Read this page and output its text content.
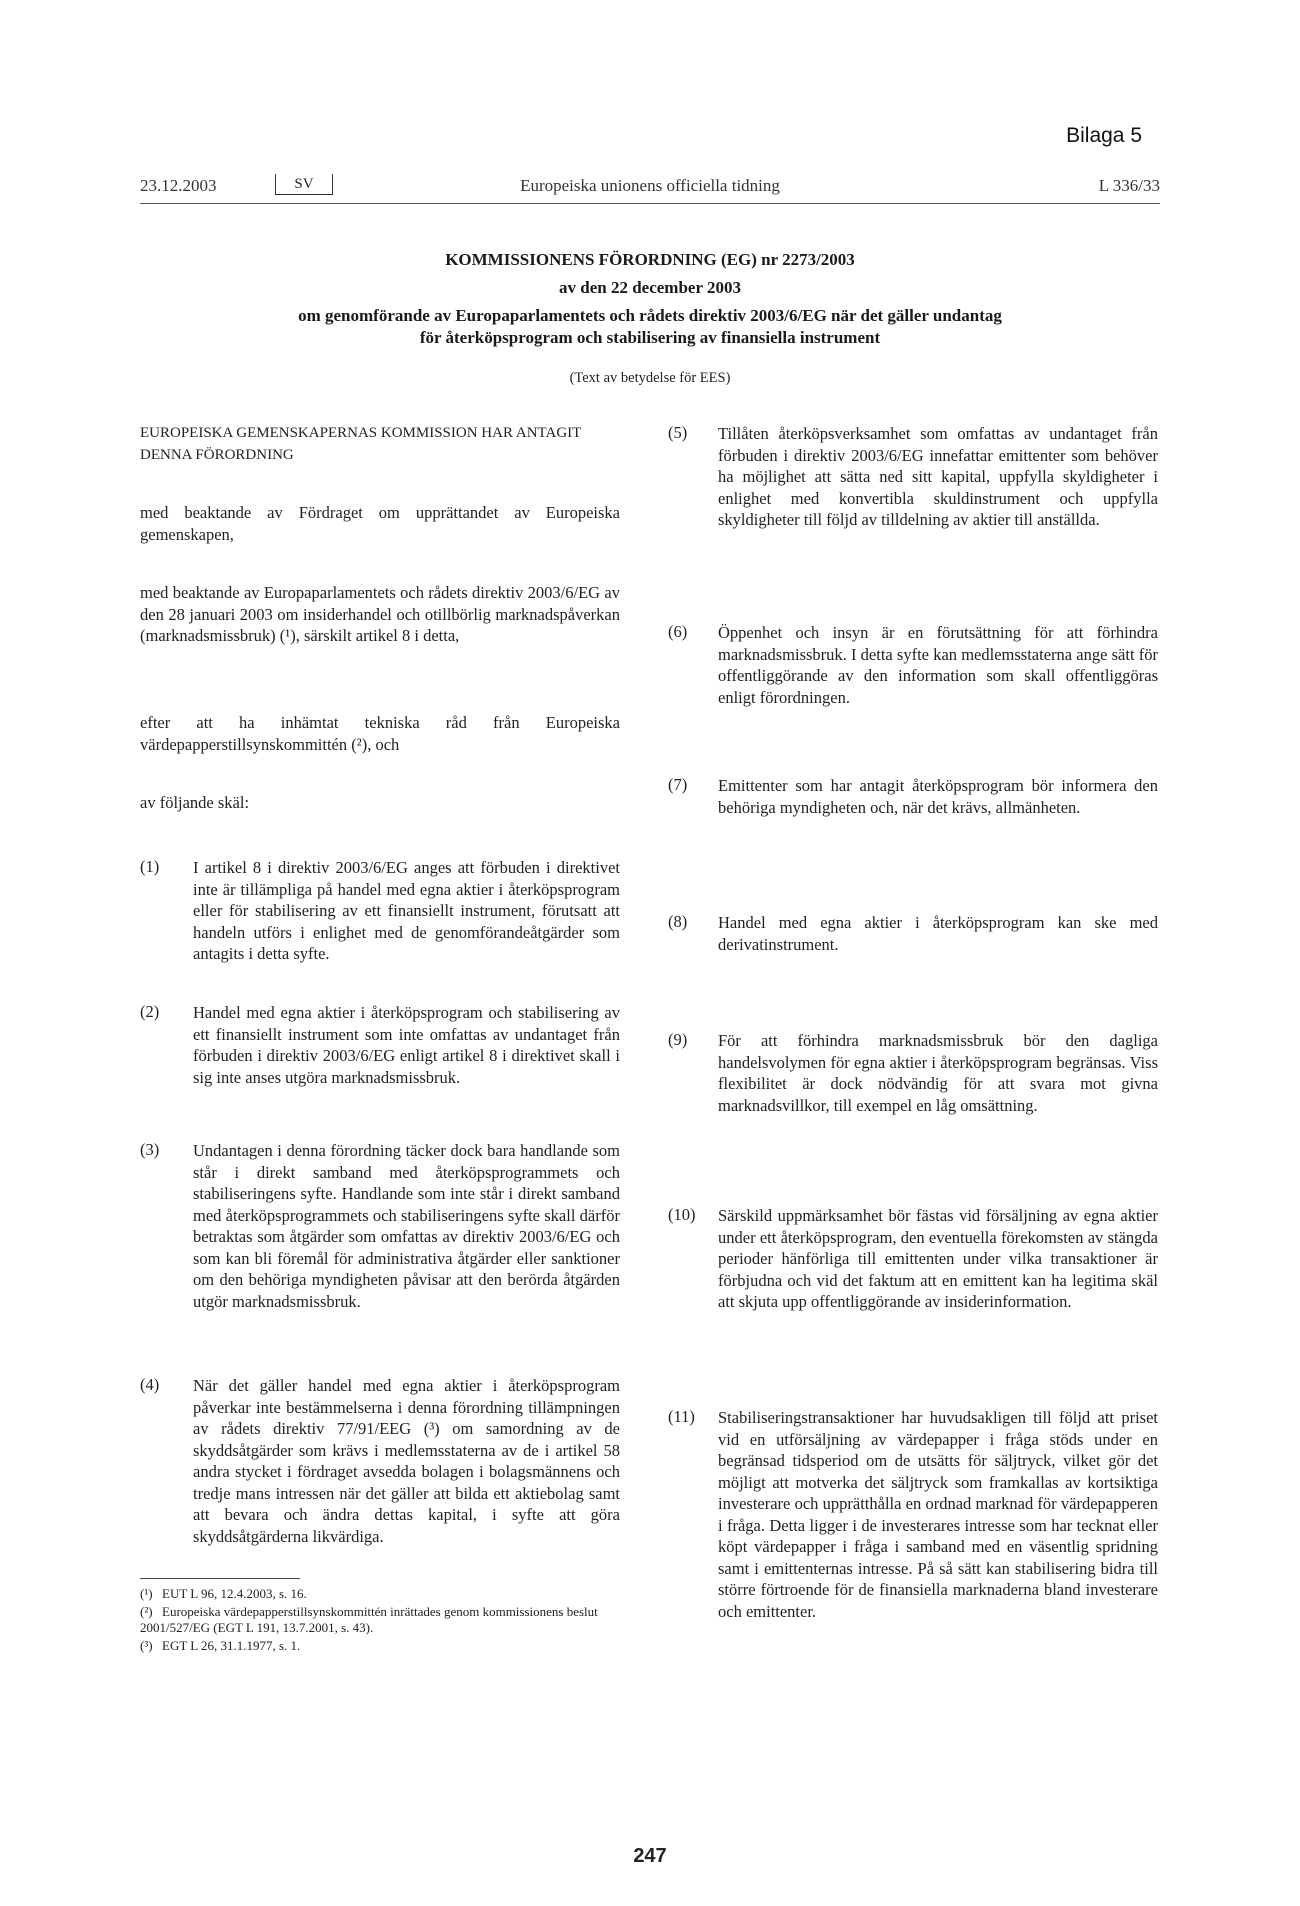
Bilaga 5
23.12.2003	SV	Europeiska unionens officiella tidning	L 336/33
KOMMISSIONENS FÖRORDNING (EG) nr 2273/2003
av den 22 december 2003
om genomförande av Europaparlamentets och rådets direktiv 2003/6/EG när det gäller undantag
för återköpsprogram och stabilisering av finansiella instrument
(Text av betydelse för EES)
EUROPEISKA GEMENSKAPERNAS KOMMISSION HAR ANTAGIT DENNA FÖRORDNING
med beaktande av Fördraget om upprättandet av Europeiska gemenskapen,
med beaktande av Europaparlamentets och rådets direktiv 2003/6/EG av den 28 januari 2003 om insiderhandel och otillbörlig marknadspåverkan (marknadsmissbruk) (¹), särskilt artikel 8 i detta,
efter att ha inhämtat tekniska råd från Europeiska värdepapperstillsynskommittén (²), och
av följande skäl:
(1)	I artikel 8 i direktiv 2003/6/EG anges att förbuden i direktivet inte är tillämpliga på handel med egna aktier i återköpsprogram eller för stabilisering av ett finansiellt instrument, förutsatt att handeln utförs i enlighet med de genomförandeåtgärder som antagits i detta syfte.
(2)	Handel med egna aktier i återköpsprogram och stabilisering av ett finansiellt instrument som inte omfattas av undantaget från förbuden i direktiv 2003/6/EG enligt artikel 8 i direktivet skall i sig inte anses utgöra marknadsmissbruk.
(3)	Undantagen i denna förordning täcker dock bara handlande som står i direkt samband med återköpsprogrammets och stabiliseringens syfte. Handlande som inte står i direkt samband med återköpsprogrammets och stabiliseringens syfte skall därför betraktas som åtgärder som omfattas av direktiv 2003/6/EG och som kan bli föremål för administrativa åtgärder eller sanktioner om den behöriga myndigheten påvisar att den berörda åtgärden utgör marknadsmissbruk.
(4)	När det gäller handel med egna aktier i återköpsprogram påverkar inte bestämmelserna i denna förordning tillämpningen av rådets direktiv 77/91/EEG (³) om samordning av de skyddsåtgärder som krävs i medlemsstaterna av de i artikel 58 andra stycket i fördraget avsedda bolagen i bolagsmännens och tredje mans intressen när det gäller att bilda ett aktiebolag samt att bevara och ändra dettas kapital, i syfte att göra skyddsåtgärderna likvärdiga.
(¹) EUT L 96, 12.4.2003, s. 16.
(²) Europeiska värdepapperstillsynskommittén inrättades genom kommissionens beslut 2001/527/EG (EGT L 191, 13.7.2001, s. 43).
(³) EGT L 26, 31.1.1977, s. 1.
(5)	Tillåten återköpsverksamhet som omfattas av undantaget från förbuden i direktiv 2003/6/EG innefattar emittenter som behöver ha möjlighet att sätta ned sitt kapital, uppfylla skyldigheter i enlighet med konvertibla skuldinstrument och uppfylla skyldigheter till följd av tilldelning av aktier till anställda.
(6)	Öppenhet och insyn är en förutsättning för att förhindra marknadsmissbruk. I detta syfte kan medlemsstaterna ange sätt för offentliggörande av den information som skall offentliggöras enligt förordningen.
(7)	Emittenter som har antagit återköpsprogram bör informera den behöriga myndigheten och, när det krävs, allmänheten.
(8)	Handel med egna aktier i återköpsprogram kan ske med derivatinstrument.
(9)	För att förhindra marknadsmissbruk bör den dagliga handelsvolymen för egna aktier i återköpsprogram begränsas. Viss flexibilitet är dock nödvändig för att svara mot givna marknadsvillkor, till exempel en låg omsättning.
(10)	Särskild uppmärksamhet bör fästas vid försäljning av egna aktier under ett återköpsprogram, den eventuella förekomsten av stängda perioder hänförliga till emittenten under vilka transaktioner är förbjudna och vid det faktum att en emittent kan ha legitima skäl att skjuta upp offentliggörande av insiderinformation.
(11)	Stabiliseringstransaktioner har huvudsakligen till följd att priset vid en utförsäljning av värdepapper i fråga stöds under en begränsad tidsperiod om de utsätts för säljtryck, vilket gör det möjligt att motverka det säljtryck som framkallas av kortsiktiga investerare och upprätthålla en ordnad marknad för värdepapperen i fråga. Detta ligger i de investerares intresse som har tecknat eller köpt värdepapper i fråga i samband med en väsentlig spridning samt i emittenternas intresse. På så sätt kan stabilisering bidra till större förtroende för de finansiella marknaderna bland investerare och emittenter.
247
